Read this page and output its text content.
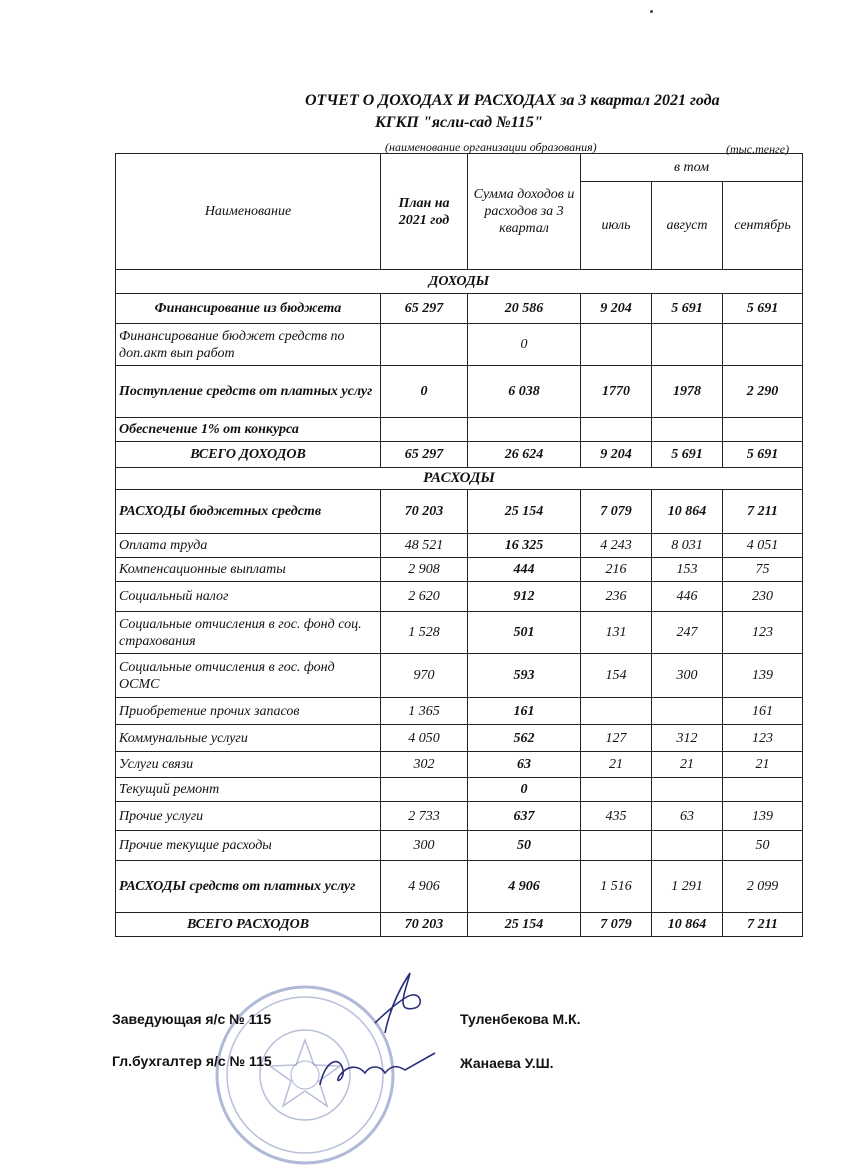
ОТЧЕТ О ДОХОДАХ И РАСХОДАХ за 3 квартал 2021 года
КГКП "ясли-сад №115"
(наименование организации образования)	(тыс.тенге)
Наименование	План на 2021 год	Сумма доходов и расходов за 3 квартал	в том		
			июль	август	сентябрь
ДОХОДЫ					
Финансирование из бюджета	65 297	20 586	9 204	5 691	5 691
Финансирование бюджет средств по доп.акт вып работ		0			
Поступление средств от платных услуг	0	6 038	1770	1978	2 290
Обеспечение 1% от конкурса					
ВСЕГО ДОХОДОВ	65 297	26 624	9 204	5 691	5 691
РАСХОДЫ					
РАСХОДЫ бюджетных средств	70 203	25 154	7 079	10 864	7 211
Оплата труда	48 521	16 325	4 243	8 031	4 051
Компенсационные выплаты	2 908	444	216	153	75
Социальный налог	2 620	912	236	446	230
Социальные отчисления в гос. фонд соц. страхования	1 528	501	131	247	123
Социальные отчисления в гос. фонд ОСМС	970	593	154	300	139
Приобретение прочих запасов	1 365	161			161
Коммунальные услуги	4 050	562	127	312	123
Услуги связи	302	63	21	21	21
Текущий ремонт		0			
Прочие услуги	2 733	637	435	63	139
Прочие текущие расходы	300	50			50
РАСХОДЫ средств от платных услуг	4 906	4 906	1 516	1 291	2 099
ВСЕГО РАСХОДОВ	70 203	25 154	7 079	10 864	7 211
Заведующая я/с № 115	Туленбекова М.К.
Гл.бухгалтер я/с № 115	Жанаева У.Ш.
